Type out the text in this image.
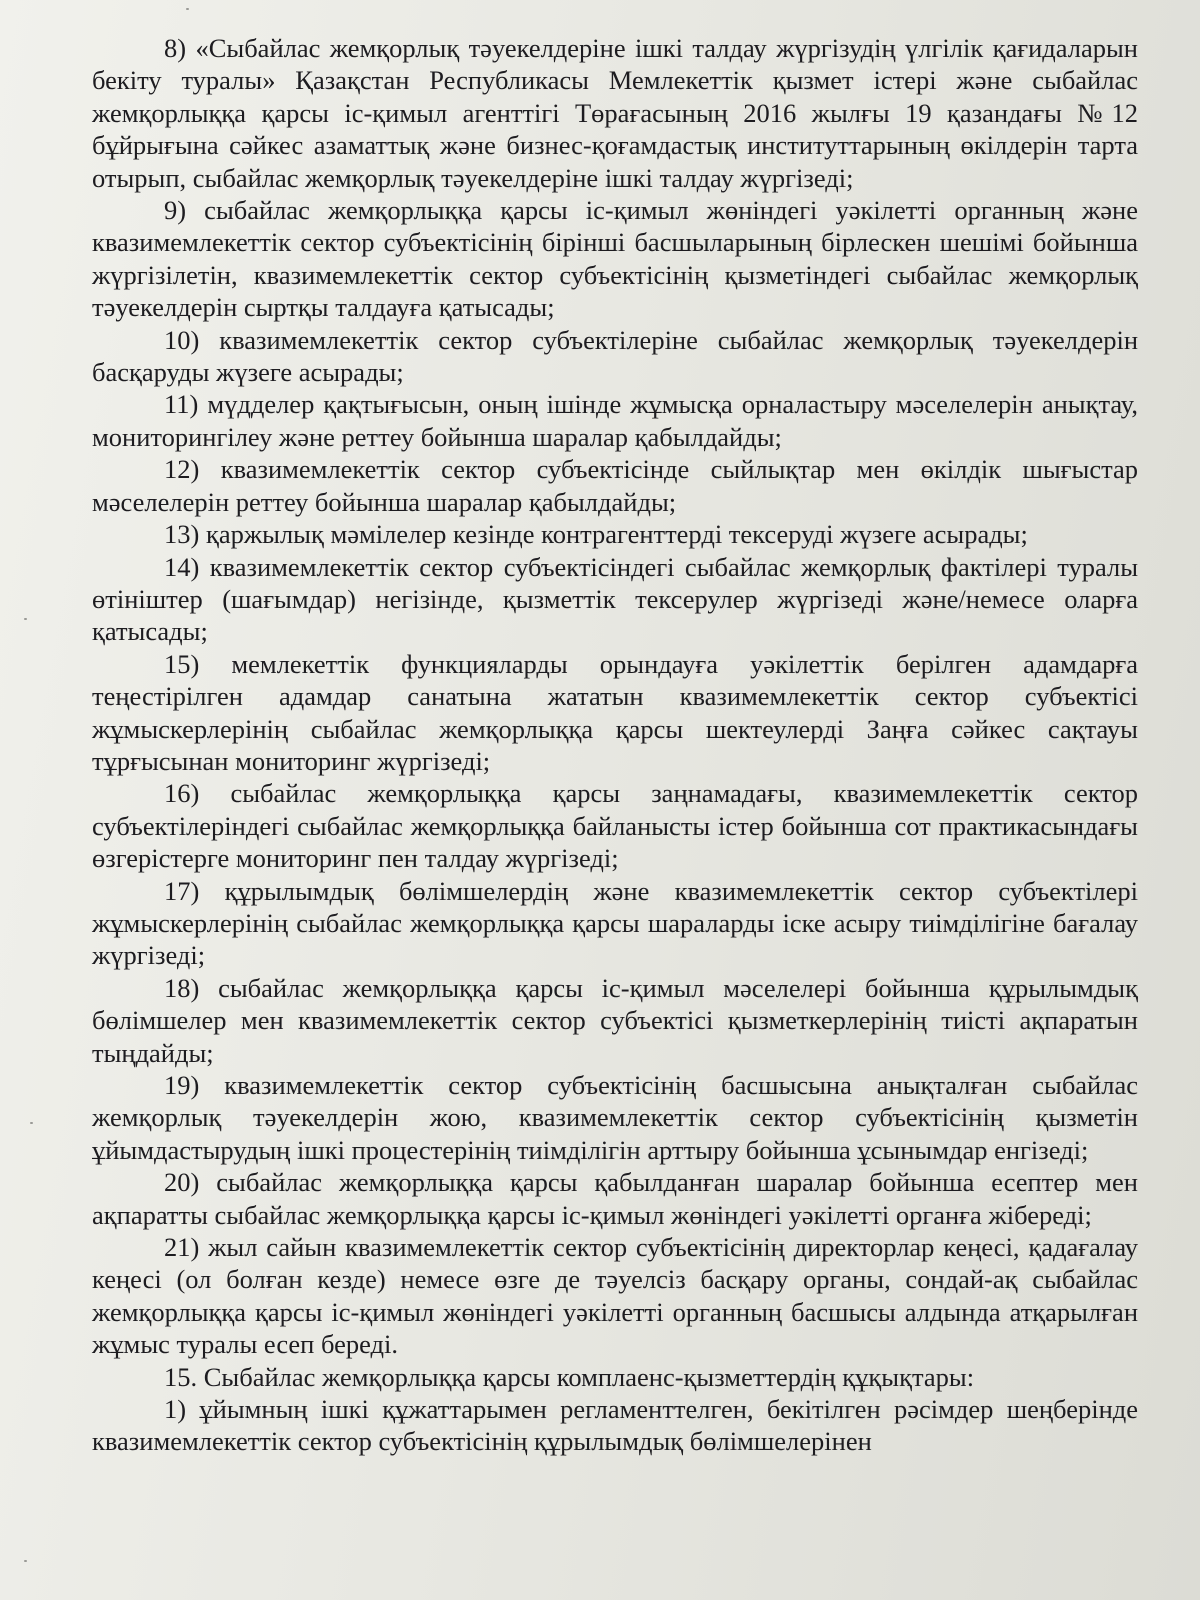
8) «Сыбайлас жемқорлық тәуекелдеріне ішкі талдау жүргізудің үлгілік қағидаларын бекіту туралы» Қазақстан Республикасы Мемлекеттік қызмет істері және сыбайлас жемқорлыққа қарсы іс-қимыл агенттігі Төрағасының 2016 жылғы 19 қазандағы №12 бұйрығына сәйкес азаматтық және бизнес-қоғамдастық институттарының өкілдерін тарта отырып, сыбайлас жемқорлық тәуекелдеріне ішкі талдау жүргізеді;

9) сыбайлас жемқорлыққа қарсы іс-қимыл жөніндегі уәкілетті органның және квазимемлекеттік сектор субъектісінің бірінші басшыларының бірлескен шешімі бойынша жүргізілетін, квазимемлекеттік сектор субъектісінің қызметіндегі сыбайлас жемқорлық тәуекелдерін сыртқы талдауға қатысады;

10) квазимемлекеттік сектор субъектілеріне сыбайлас жемқорлық тәуекелдерін басқаруды жүзеге асырады;

11) мүдделер қақтығысын, оның ішінде жұмысқа орналастыру мәселелерін анықтау, мониторингілеу және реттеу бойынша шаралар қабылдайды;

12) квазимемлекеттік сектор субъектісінде сыйлықтар мен өкілдік шығыстар мәселелерін реттеу бойынша шаралар қабылдайды;

13) қаржылық мәмілелер кезінде контрагенттерді тексеруді жүзеге асырады;

14) квазимемлекеттік сектор субъектісіндегі сыбайлас жемқорлық фактілері туралы өтініштер (шағымдар) негізінде, қызметтік тексерулер жүргізеді және/немесе оларға қатысады;

15) мемлекеттік функцияларды орындауға уәкілеттік берілген адамдарға теңестірілген адамдар санатына жататын квазимемлекеттік сектор субъектісі жұмыскерлерінің сыбайлас жемқорлыққа қарсы шектеулерді Заңға сәйкес сақтауы тұрғысынан мониторинг жүргізеді;

16) сыбайлас жемқорлыққа қарсы заңнамадағы, квазимемлекеттік сектор субъектілеріндегі сыбайлас жемқорлыққа байланысты істер бойынша сот практикасындағы өзгерістерге мониторинг пен талдау жүргізеді;

17) құрылымдық бөлімшелердің және квазимемлекеттік сектор субъектілері жұмыскерлерінің сыбайлас жемқорлыққа қарсы шараларды іске асыру тиімділігіне бағалау жүргізеді;

18) сыбайлас жемқорлыққа қарсы іс-қимыл мәселелері бойынша құрылымдық бөлімшелер мен квазимемлекеттік сектор субъектісі қызметкерлерінің тиісті ақпаратын тыңдайды;

19) квазимемлекеттік сектор субъектісінің басшысына анықталған сыбайлас жемқорлық тәуекелдерін жою, квазимемлекеттік сектор субъектісінің қызметін ұйымдастырудың ішкі процестерінің тиімділігін арттыру бойынша ұсынымдар енгізеді;

20) сыбайлас жемқорлыққа қарсы қабылданған шаралар бойынша есептер мен ақпаратты сыбайлас жемқорлыққа қарсы іс-қимыл жөніндегі уәкілетті органға жібереді;

21) жыл сайын квазимемлекеттік сектор субъектісінің директорлар кеңесі, қадағалау кеңесі (ол болған кезде) немесе өзге де тәуелсіз басқару органы, сондай-ақ сыбайлас жемқорлыққа қарсы іс-қимыл жөніндегі уәкілетті органның басшысы алдында атқарылған жұмыс туралы есеп береді.

15. Сыбайлас жемқорлыққа қарсы комплаенс-қызметтердің құқықтары:

1) ұйымның ішкі құжаттарымен регламенттелген, бекітілген рәсімдер шеңберінде квазимемлекеттік сектор субъектісінің құрылымдық бөлімшелерінен
